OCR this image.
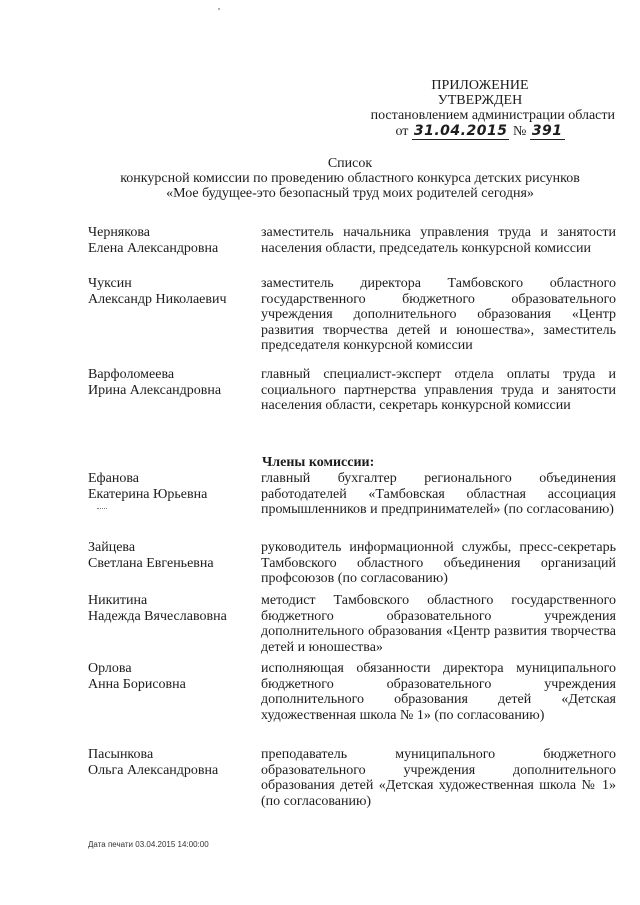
ПРИЛОЖЕНИЕ
УТВЕРЖДЕН
постановлением администрации области
от 31.04.2015 № 391
Список
конкурсной комиссии по проведению областного конкурса детских рисунков
«Мое будущее-это безопасный труд моих родителей сегодня»
Чернякова
Елена Александровна
заместитель начальника управления труда и занятости населения области, председатель конкурсной комиссии
Чуксин
Александр Николаевич
заместитель директора Тамбовского областного государственного бюджетного образовательного учреждения дополнительного образования «Центр развития творчества детей и юношества», заместитель председателя конкурсной комиссии
Варфоломеева
Ирина Александровна
главный специалист-эксперт отдела оплаты труда и социального партнерства управления труда и занятости населения области, секретарь конкурсной комиссии
Члены комиссии:
Ефанова
Екатерина Юрьевна
главный бухгалтер регионального объединения работодателей «Тамбовская областная ассоциация промышленников и предпринимателей» (по согласованию)
Зайцева
Светлана Евгеньевна
руководитель информационной службы, пресс-секретарь Тамбовского областного объединения организаций профсоюзов (по согласованию)
Никитина
Надежда Вячеславовна
методист Тамбовского областного государственного бюджетного образовательного учреждения дополнительного образования «Центр развития творчества детей и юношества»
Орлова
Анна Борисовна
исполняющая обязанности директора муниципального бюджетного образовательного учреждения дополнительного образования детей «Детская художественная школа № 1» (по согласованию)
Пасынкова
Ольга Александровна
преподаватель муниципального бюджетного образовательного учреждения дополнительного образования детей «Детская художественная школа № 1» (по согласованию)
Дата печати 03.04.2015 14:00:00
